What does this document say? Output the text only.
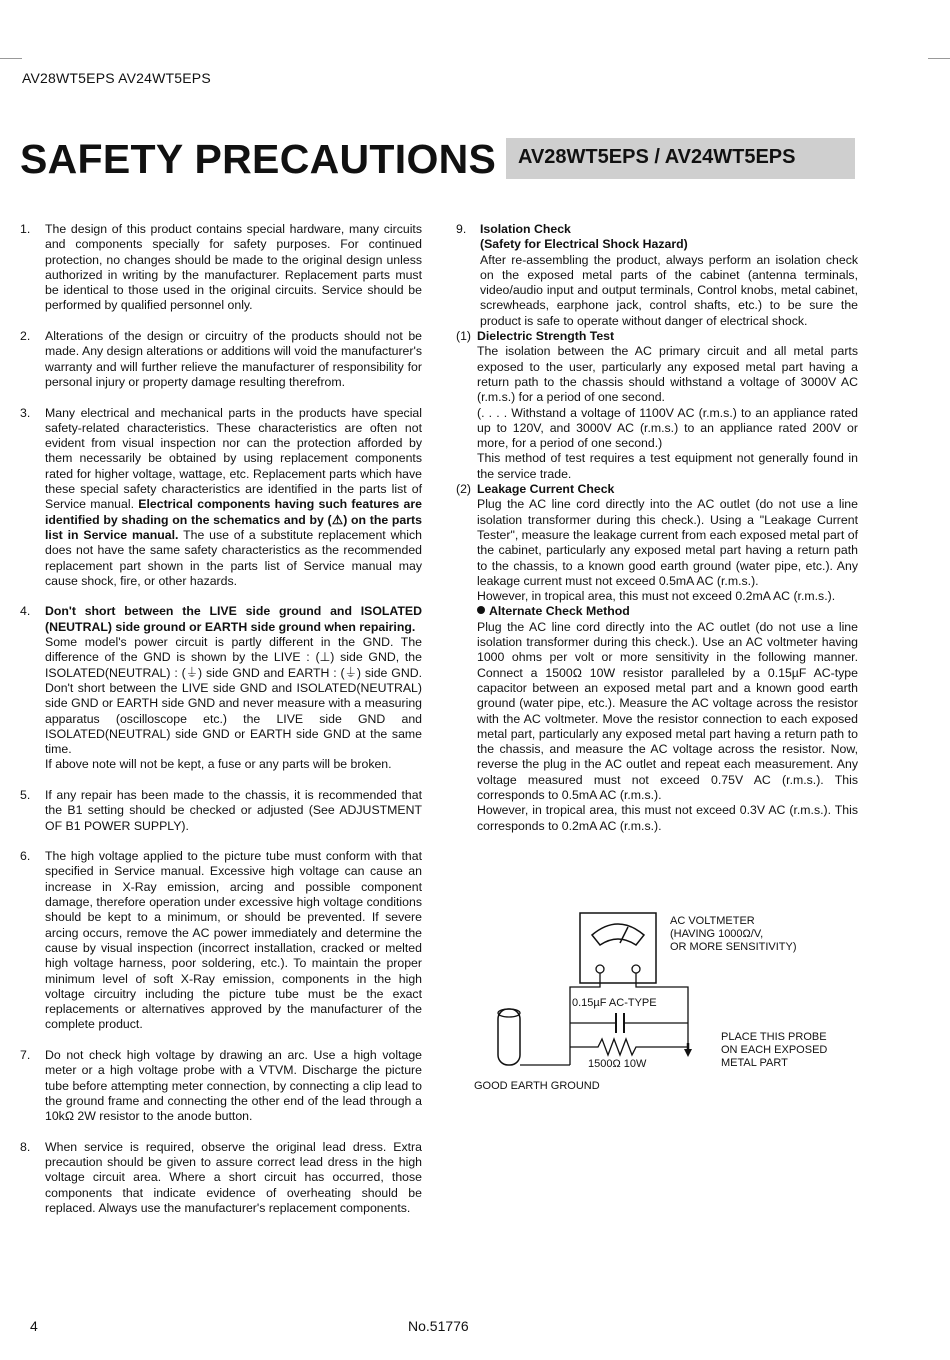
AV28WT5EPS AV24WT5EPS
SAFETY PRECAUTIONS	AV28WT5EPS / AV24WT5EPS
1. The design of this product contains special hardware, many circuits and components specially for safety purposes. For continued protection, no changes should be made to the original design unless authorized in writing by the manufacturer. Replacement parts must be identical to those used in the original circuits. Service should be performed by qualified personnel only.

2. Alterations of the design or circuitry of the products should not be made. Any design alterations or additions will void the manufacturer's warranty and will further relieve the manufacturer of responsibility for personal injury or property damage resulting therefrom.

3. Many electrical and mechanical parts in the products have special safety-related characteristics. These characteristics are often not evident from visual inspection nor can the protection afforded by them necessarily be obtained by using replacement components rated for higher voltage, wattage, etc. Replacement parts which have these special safety characteristics are identified in the parts list of Service manual. Electrical components having such features are identified by shading on the schematics and by (⚠) on the parts list in Service manual. The use of a substitute replacement which does not have the same safety characteristics as the recommended replacement part shown in the parts list of Service manual may cause shock, fire, or other hazards.

4. Don't short between the LIVE side ground and ISOLATED (NEUTRAL) side ground or EARTH side ground when repairing.

Some model's power circuit is partly different in the GND. The difference of the GND is shown by the LIVE : (⊥) side GND, the ISOLATED(NEUTRAL) : (⏚) side GND and EARTH : (⏚) side GND. Don't short between the LIVE side GND and ISOLATED(NEUTRAL) side GND or EARTH side GND and never measure with a measuring apparatus (oscilloscope etc.) the LIVE side GND and ISOLATED(NEUTRAL) side GND or EARTH side GND at the same time.

If above note will not be kept, a fuse or any parts will be broken.

5. If any repair has been made to the chassis, it is recommended that the B1 setting should be checked or adjusted (See ADJUSTMENT OF B1 POWER SUPPLY).

6. The high voltage applied to the picture tube must conform with that specified in Service manual. Excessive high voltage can cause an increase in X-Ray emission, arcing and possible component damage, therefore operation under excessive high voltage conditions should be kept to a minimum, or should be prevented. If severe arcing occurs, remove the AC power immediately and determine the cause by visual inspection (incorrect installation, cracked or melted high voltage harness, poor soldering, etc.). To maintain the proper minimum level of soft X-Ray emission, components in the high voltage circuitry including the picture tube must be the exact replacements or alternatives approved by the manufacturer of the complete product.

7. Do not check high voltage by drawing an arc. Use a high voltage meter or a high voltage probe with a VTVM. Discharge the picture tube before attempting meter connection, by connecting a clip lead to the ground frame and connecting the other end of the lead through a 10kΩ 2W resistor to the anode button.

8. When service is required, observe the original lead dress. Extra precaution should be given to assure correct lead dress in the high voltage circuit area. Where a short circuit has occurred, those components that indicate evidence of overheating should be replaced. Always use the manufacturer's replacement components.

9. Isolation Check

(Safety for Electrical Shock Hazard)

After re-assembling the product, always perform an isolation check on the exposed metal parts of the cabinet (antenna terminals, video/audio input and output terminals, Control knobs, metal cabinet, screwheads, earphone jack, control shafts, etc.) to be sure the product is safe to operate without danger of electrical shock.

(1) Dielectric Strength Test

The isolation between the AC primary circuit and all metal parts exposed to the user, particularly any exposed metal part having a return path to the chassis should withstand a voltage of 3000V AC (r.m.s.) for a period of one second.

(. . . . Withstand a voltage of 1100V AC (r.m.s.) to an appliance rated up to 120V, and 3000V AC (r.m.s.) to an appliance rated 200V or more, for a period of one second.)

This method of test requires a test equipment not generally found in the service trade.

(2) Leakage Current Check

Plug the AC line cord directly into the AC outlet (do not use a line isolation transformer during this check.). Using a "Leakage Current Tester", measure the leakage current from each exposed metal part of the cabinet, particularly any exposed metal part having a return path to the chassis, to a known good earth ground (water pipe, etc.). Any leakage current must not exceed 0.5mA AC (r.m.s.).

However, in tropical area, this must not exceed 0.2mA AC (r.m.s.).

Alternate Check Method

Plug the AC line cord directly into the AC outlet (do not use a line isolation transformer during this check.). Use an AC voltmeter having 1000 ohms per volt or more sensitivity in the following manner. Connect a 1500Ω 10W resistor paralleled by a 0.15µF AC-type capacitor between an exposed metal part and a known good earth ground (water pipe, etc.). Measure the AC voltage across the resistor with the AC voltmeter. Move the resistor connection to each exposed metal part, particularly any exposed metal part having a return path to the chassis, and measure the AC voltage across the resistor. Now, reverse the plug in the AC outlet and repeat each measurement. Any voltage measured must not exceed 0.75V AC (r.m.s.). This corresponds to 0.5mA AC (r.m.s.).

However, in tropical area, this must not exceed 0.3V AC (r.m.s.). This corresponds to 0.2mA AC (r.m.s.).

AC VOLTMETER
(HAVING 1000Ω/V,
OR MORE SENSITIVITY)
0.15µF AC-TYPE
1500Ω 10W
PLACE THIS PROBE
ON EACH EXPOSED
METAL PART
GOOD EARTH GROUND
4	No.51776
